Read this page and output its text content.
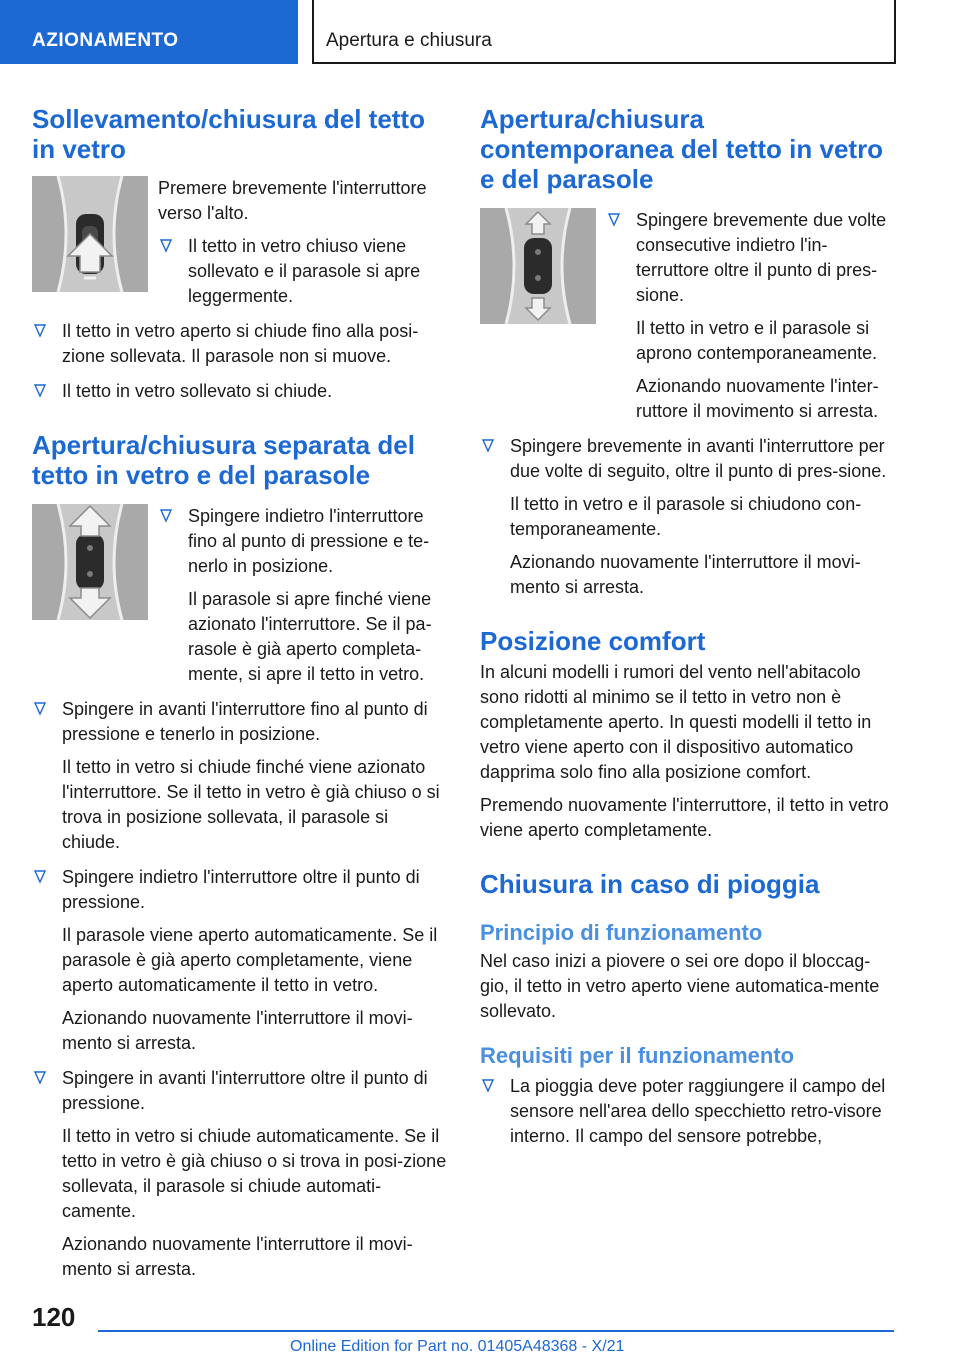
AZIONAMENTO	Apertura e chiusura
Sollevamento/chiusura del tetto in vetro

Premere brevemente l'interruttore verso l'alto.

Il tetto in vetro chiuso viene sollevato e il parasole si apre leggermente.

Il tetto in vetro aperto si chiude fino alla posi-zione sollevata. Il parasole non si muove.

Il tetto in vetro sollevato si chiude.

Apertura/chiusura separata del tetto in vetro e del parasole

Spingere indietro l'interruttore fino al punto di pressione e te-nerlo in posizione.

Il parasole si apre finché viene azionato l'interruttore. Se il pa-rasole è già aperto completa-mente, si apre il tetto in vetro.

Spingere in avanti l'interruttore fino al punto di pressione e tenerlo in posizione.

Il tetto in vetro si chiude finché viene azionato l'interruttore. Se il tetto in vetro è già chiuso o si trova in posizione sollevata, il parasole si chiude.

Spingere indietro l'interruttore oltre il punto di pressione.

Il parasole viene aperto automaticamente. Se il parasole è già aperto completamente, viene aperto automaticamente il tetto in vetro.

Azionando nuovamente l'interruttore il movi-mento si arresta.

Spingere in avanti l'interruttore oltre il punto di pressione.

Il tetto in vetro si chiude automaticamente. Se il tetto in vetro è già chiuso o si trova in posi-zione sollevata, il parasole si chiude automati-camente.

Azionando nuovamente l'interruttore il movi-mento si arresta.

Apertura/chiusura contemporanea del tetto in vetro e del parasole

Spingere brevemente due volte consecutive indietro l'in-terruttore oltre il punto di pres-sione.

Il tetto in vetro e il parasole si aprono contemporaneamente.

Azionando nuovamente l'inter-ruttore il movimento si arresta.

Spingere brevemente in avanti l'interruttore per due volte di seguito, oltre il punto di pres-sione.

Il tetto in vetro e il parasole si chiudono con-temporaneamente.

Azionando nuovamente l'interruttore il movi-mento si arresta.

Posizione comfort

In alcuni modelli i rumori del vento nell'abitacolo sono ridotti al minimo se il tetto in vetro non è completamente aperto. In questi modelli il tetto in vetro viene aperto con il dispositivo automatico dapprima solo fino alla posizione comfort.

Premendo nuovamente l'interruttore, il tetto in vetro viene aperto completamente.

Chiusura in caso di pioggia
Principio di funzionamento

Nel caso inizi a piovere o sei ore dopo il bloccag-gio, il tetto in vetro aperto viene automatica-mente sollevato.

Requisiti per il funzionamento

La pioggia deve poter raggiungere il campo del sensore nell'area dello specchietto retro-visore interno. Il campo del sensore potrebbe,

120
Online Edition for Part no. 01405A48368 - X/21
